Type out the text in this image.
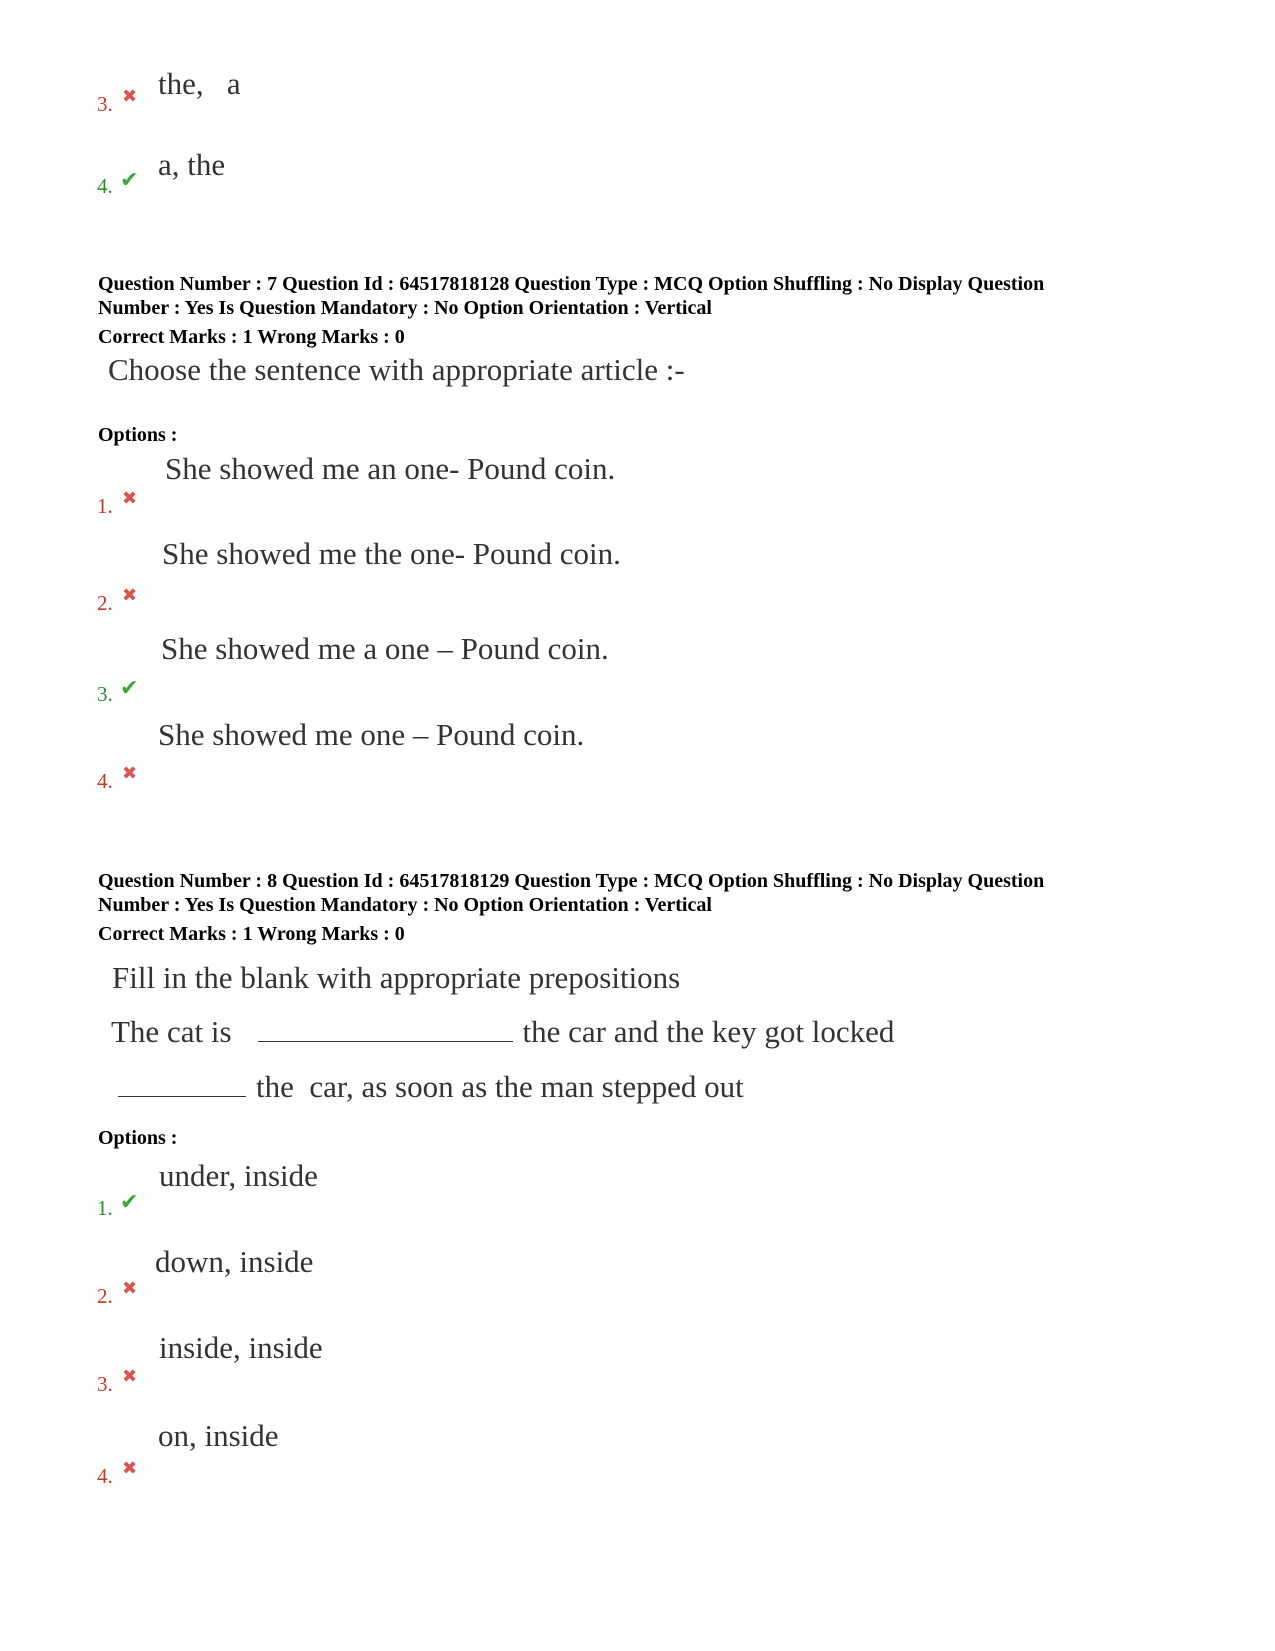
3. ✖ the,   a
4. ✔ a, the
Question Number : 7 Question Id : 64517818128 Question Type : MCQ Option Shuffling : No Display Question
Number : Yes Is Question Mandatory : No Option Orientation : Vertical
Correct Marks : 1 Wrong Marks : 0
Choose the sentence with appropriate article :-
Options :
1. ✖
She showed me an one- Pound coin.
2. ✖
She showed me the one- Pound coin.
3. ✔
She showed me a one – Pound coin.
4. ✖
She showed me one – Pound coin.
Question Number : 8 Question Id : 64517818129 Question Type : MCQ Option Shuffling : No Display Question
Number : Yes Is Question Mandatory : No Option Orientation : Vertical
Correct Marks : 1 Wrong Marks : 0
Fill in the blank with appropriate prepositions
The cat is	the car and the key got locked
the  car, as soon as the man stepped out
Options :
1. ✔
under, inside
2. ✖
down, inside
3. ✖
inside, inside
4. ✖
on, inside
